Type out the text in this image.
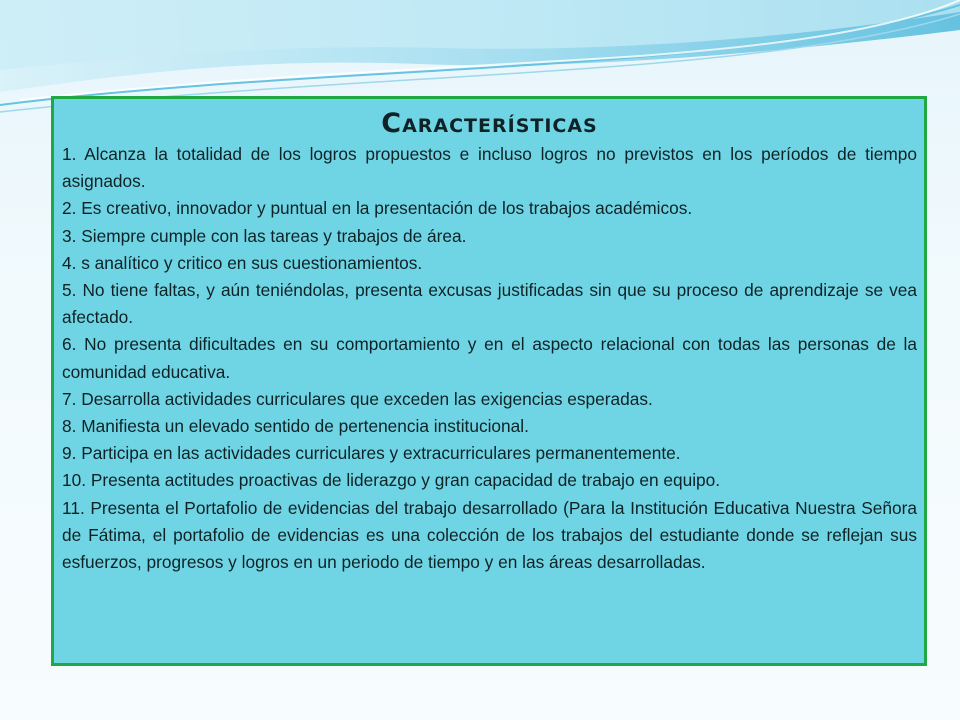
Características
1. Alcanza la totalidad de los logros propuestos e incluso logros no previstos en los períodos de tiempo asignados.
2. Es creativo, innovador y puntual en la presentación de los trabajos académicos.
3. Siempre cumple con las tareas y trabajos de área.
4. s analítico y critico en sus cuestionamientos.
5. No tiene faltas, y aún teniéndolas, presenta excusas justificadas sin que su proceso de aprendizaje se vea afectado.
6. No presenta dificultades en su comportamiento y en el aspecto relacional con todas las personas de la comunidad educativa.
7. Desarrolla actividades curriculares que exceden las exigencias esperadas.
8. Manifiesta un elevado sentido de pertenencia institucional.
9. Participa en las actividades curriculares y extracurriculares permanentemente.
10. Presenta actitudes proactivas de liderazgo y gran capacidad de trabajo en equipo.
11. Presenta el Portafolio de evidencias del trabajo desarrollado (Para la Institución Educativa Nuestra Señora de Fátima, el portafolio de evidencias es una colección de los trabajos del estudiante donde se reflejan sus esfuerzos, progresos y logros en un periodo de tiempo y en las áreas desarrolladas.
